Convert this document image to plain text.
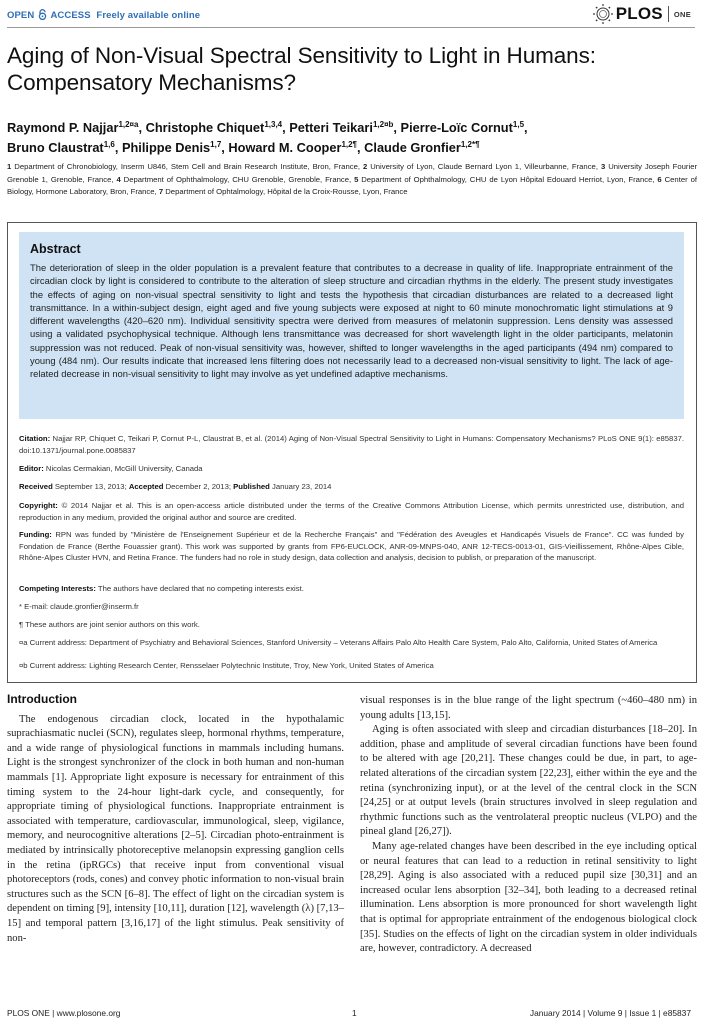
OPEN ACCESS Freely available online	PLOS ONE
Aging of Non-Visual Spectral Sensitivity to Light in Humans: Compensatory Mechanisms?
Raymond P. Najjar$^{1,2¤a}$, Christophe Chiquet$^{1,3,4}$, Petteri Teikari$^{1,2¤b}$, Pierre-Loïc Cornut$^{1,5}$,
Bruno Claustrat$^{1,6}$, Philippe Denis$^{1,7}$, Howard M. Cooper$^{1,2\P}$, Claude Gronfier$^{1,2*\P}$
1 Department of Chronobiology, Inserm U846, Stem Cell and Brain Research Institute, Bron, France, 2 University of Lyon, Claude Bernard Lyon 1, Villeurbanne, France, 3 University Joseph Fourier Grenoble 1, Grenoble, France, 4 Department of Ophthalmology, CHU Grenoble, Grenoble, France, 5 Department of Ophthalmology, CHU de Lyon Hôpital Edouard Herriot, Lyon, France, 6 Center of Biology, Hormone Laboratory, Bron, France, 7 Department of Ophtalmology, Hôpital de la Croix-Rousse, Lyon, France
Abstract

The deterioration of sleep in the older population is a prevalent feature that contributes to a decrease in quality of life. Inappropriate entrainment of the circadian clock by light is considered to contribute to the alteration of sleep structure and circadian rhythms in the elderly. The present study investigates the effects of aging on non-visual spectral sensitivity to light and tests the hypothesis that circadian disturbances are related to a decreased light transmittance. In a within-subject design, eight aged and five young subjects were exposed at night to 60 minute monochromatic light stimulations at 9 different wavelengths (420–620 nm). Individual sensitivity spectra were derived from measures of melatonin suppression. Lens density was assessed using a validated psychophysical technique. Although lens transmittance was decreased for short wavelength light in the older participants, melatonin suppression was not reduced. Peak of non-visual sensitivity was, however, shifted to longer wavelengths in the aged participants (494 nm) compared to young (484 nm). Our results indicate that increased lens filtering does not necessarily lead to a decreased non-visual sensitivity to light. The lack of age-related decrease in non-visual sensitivity to light may involve as yet undefined adaptive mechanisms.

Citation: Najjar RP, Chiquet C, Teikari P, Cornut P-L, Claustrat B, et al. (2014) Aging of Non-Visual Spectral Sensitivity to Light in Humans: Compensatory Mechanisms? PLoS ONE 9(1): e85837. doi:10.1371/journal.pone.0085837
Editor: Nicolas Cermakian, McGill University, Canada
Received September 13, 2013; Accepted December 2, 2013; Published January 23, 2014
Copyright: © 2014 Najjar et al. This is an open-access article distributed under the terms of the Creative Commons Attribution License, which permits unrestricted use, distribution, and reproduction in any medium, provided the original author and source are credited.
Funding: RPN was funded by "Ministère de l'Enseignement Supérieur et de la Recherche Français" and "Fédération des Aveugles et Handicapés Visuels de France". CC was funded by Fondation de France (Berthe Fouassier grant). This work was supported by grants from FP6-EUCLOCK, ANR-09-MNPS-040, ANR 12-TECS-0013-01, GIS-Vieillissement, Rhône-Alpes Cible, Rhône-Alpes Cluster HVN, and Retina France. The funders had no role in study design, data collection and analysis, decision to publish, or preparation of the manuscript.
Competing Interests: The authors have declared that no competing interests exist.
* E-mail: claude.gronfier@inserm.fr
¶ These authors are joint senior authors on this work.
¤a Current address: Department of Psychiatry and Behavioral Sciences, Stanford University – Veterans Affairs Palo Alto Health Care System, Palo Alto, California, United States of America
¤b Current address: Lighting Research Center, Rensselaer Polytechnic Institute, Troy, New York, United States of America
Introduction

The endogenous circadian clock, located in the hypothalamic suprachiasmatic nuclei (SCN), regulates sleep, hormonal rhythms, temperature, and a wide range of physiological functions in mammals including humans. Light is the strongest synchronizer of the clock in both human and non-human mammals [1]. Appropriate light exposure is necessary for entrainment of this timing system to the 24-hour light-dark cycle, and consequently, for appropriate timing of physiological functions. Inappropriate entrainment is associated with temperature, cardiovascular, immunological, sleep, vigilance, memory, and neurocognitive alterations [2–5]. Circadian photo-entrainment is mediated by intrinsically photoreceptive melanopsin expressing ganglion cells in the retina (ipRGCs) that receive input from conventional visual photoreceptors (rods, cones) and convey photic information to non-visual brain structures such as the SCN [6–8]. The effect of light on the circadian system is dependent on timing [9], intensity [10,11], duration [12], wavelength (λ) [7,13–15] and temporal pattern [3,16,17] of the light stimulus. Peak sensitivity of non-

visual responses is in the blue range of the light spectrum (~460–480 nm) in young adults [13,15].

Aging is often associated with sleep and circadian disturbances [18–20]. In addition, phase and amplitude of several circadian functions have been found to be altered with age [20,21]. These changes could be due, in part, to age-related alterations of the circadian system [22,23], either within the eye and the retina (synchronizing input), or at the level of the central clock in the SCN [24,25] or at output levels (brain structures involved in sleep regulation and rhythmic functions such as the ventrolateral preoptic nucleus (VLPO) and the pineal gland [26,27]).

Many age-related changes have been described in the eye including optical or neural features that can lead to a reduction in retinal sensitivity to light [28,29]. Aging is also associated with a reduced pupil size [30,31] and an increased ocular lens absorption [32–34], both leading to a decreased retinal illumination. Lens absorption is more pronounced for short wavelength light that is optimal for appropriate entrainment of the endogenous biological clock [35]. Studies on the effects of light on the circadian system in older individuals are, however, contradictory. A decreased

PLOS ONE | www.plosone.org	1	January 2014 | Volume 9 | Issue 1 | e85837
